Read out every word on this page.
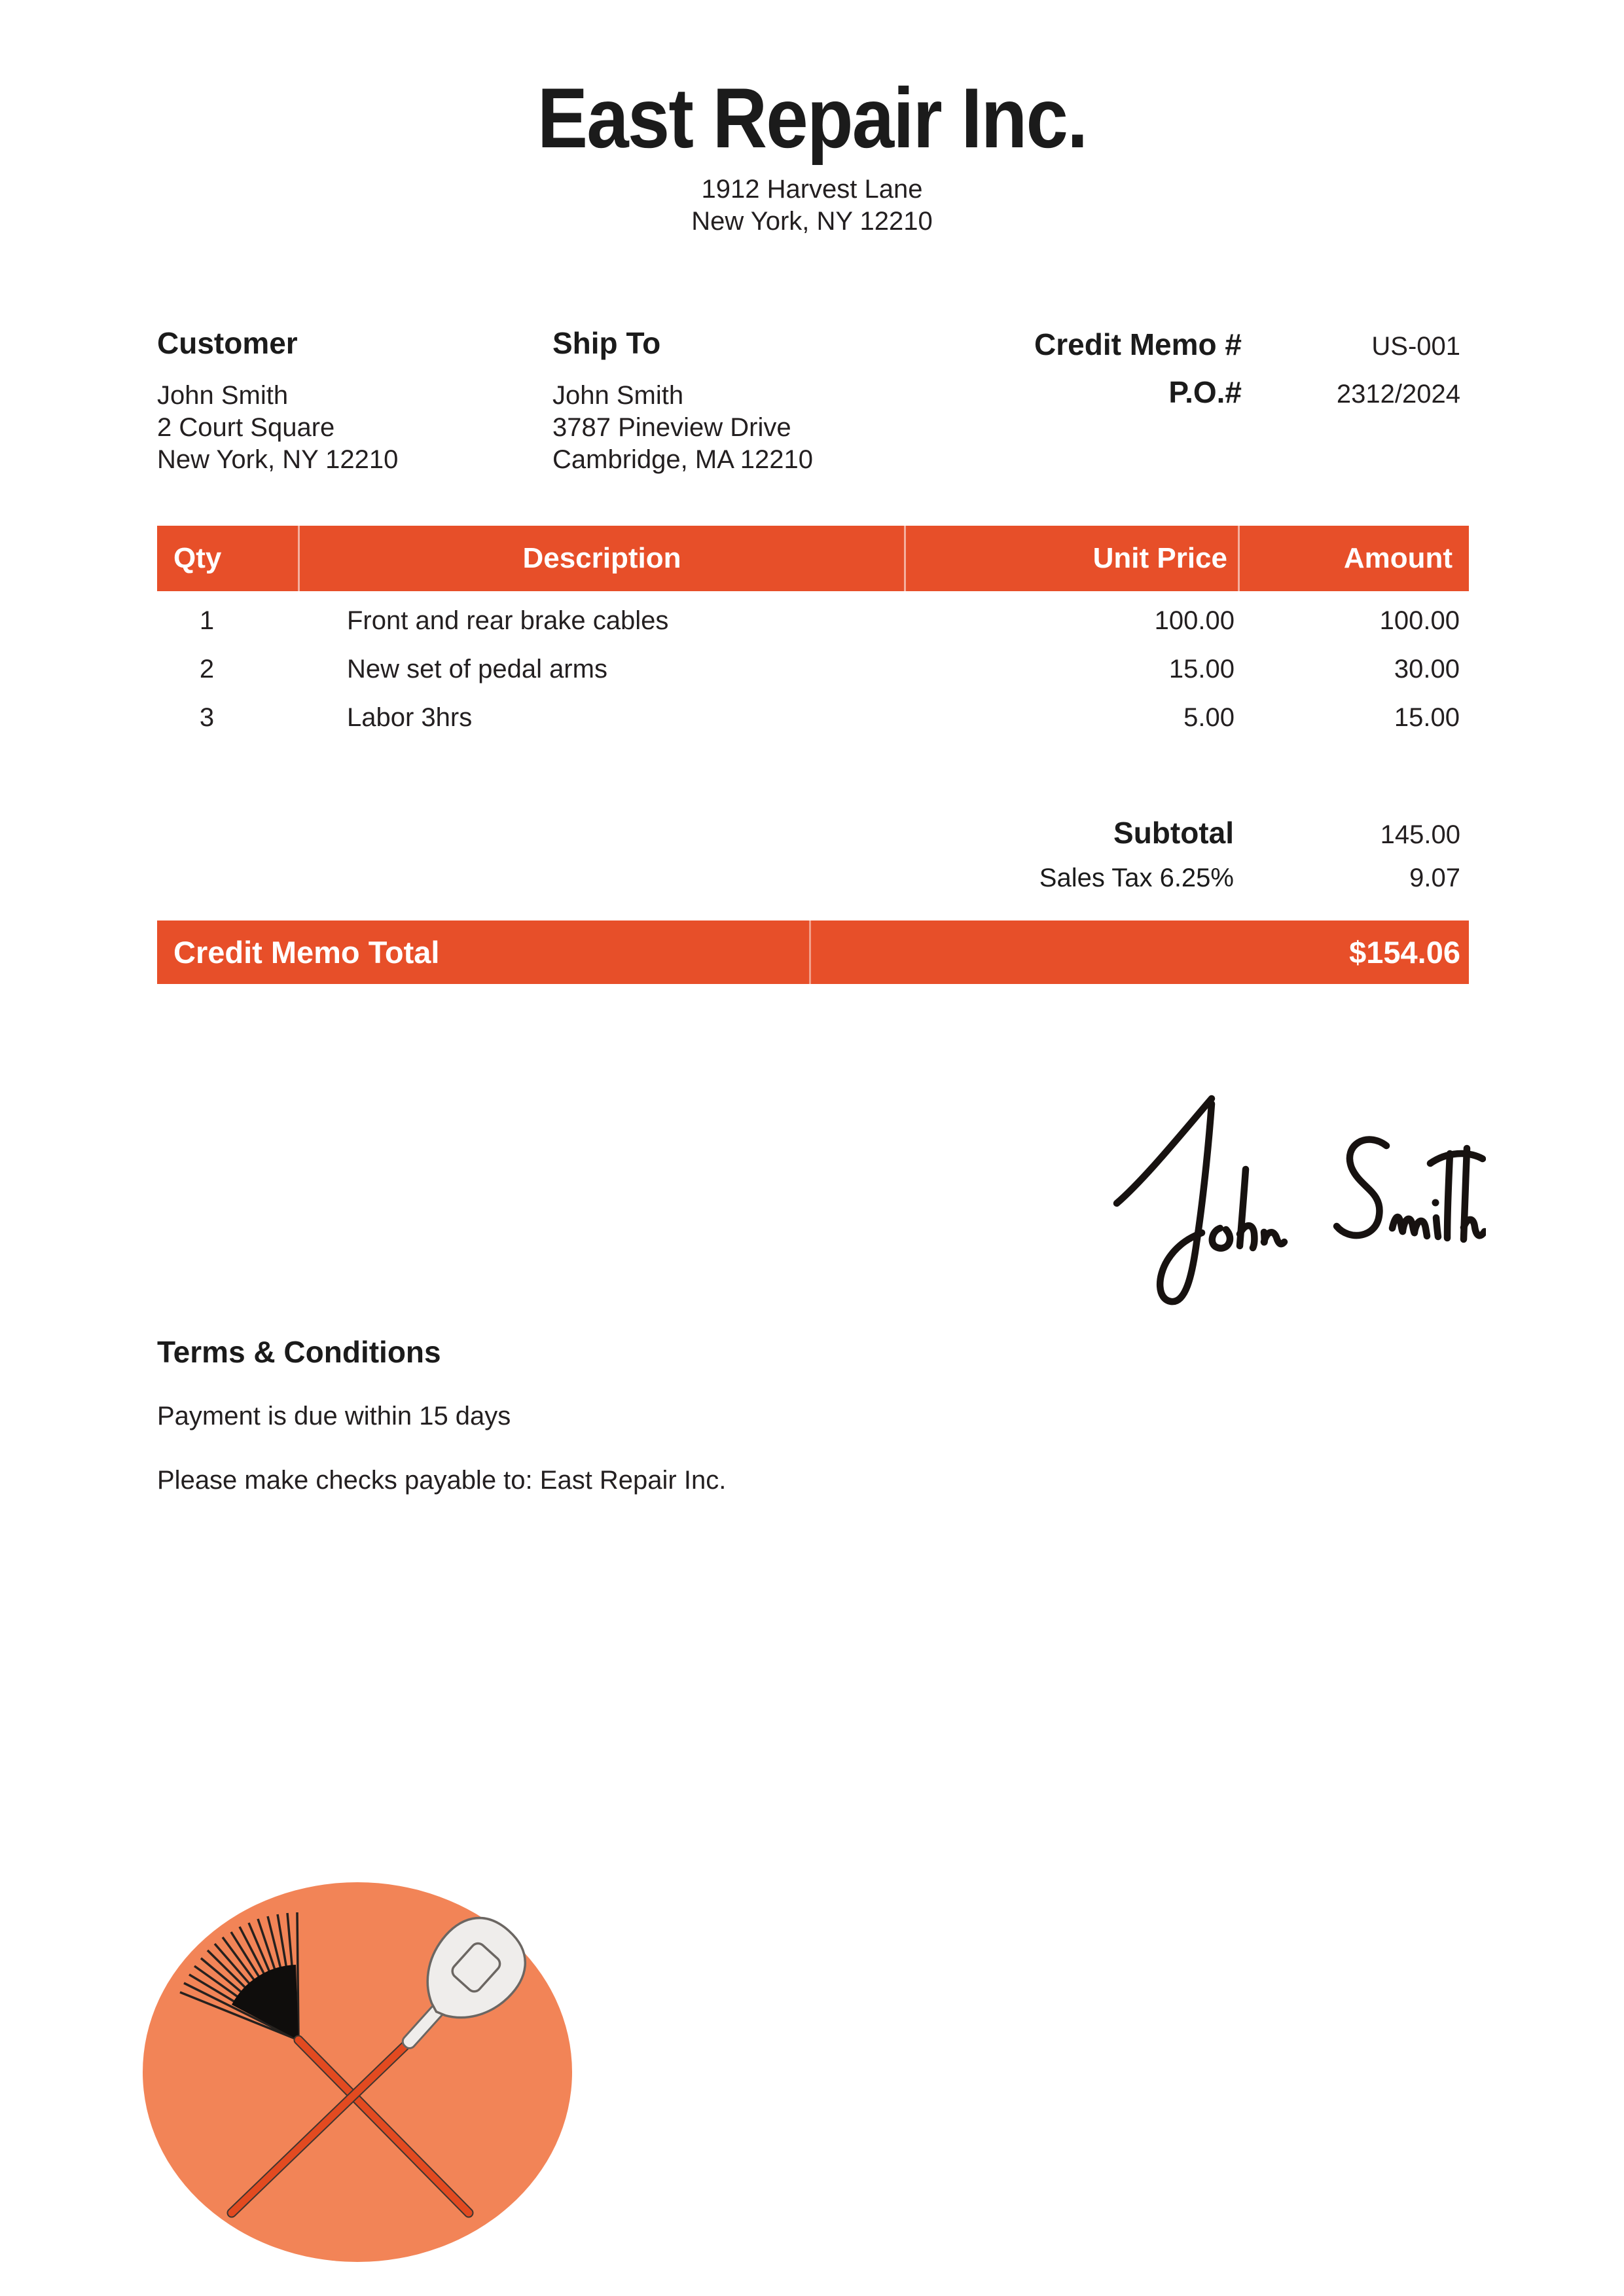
East Repair Inc.
1912 Harvest Lane
New York, NY 12210
Customer
John Smith
2 Court Square
New York, NY 12210
Ship To
John Smith
3787 Pineview Drive
Cambridge, MA 12210
Credit Memo #	US-001
P.O.#	2312/2024
Qty	Description	Unit Price	Amount
1	Front and rear brake cables	100.00	100.00
2	New set of pedal arms	15.00	30.00
3	Labor 3hrs	5.00	15.00
Subtotal	145.00
Sales Tax 6.25%	9.07
Credit Memo Total	$154.06
Terms & Conditions

Payment is due within 15 days

Please make checks payable to: East Repair Inc.
